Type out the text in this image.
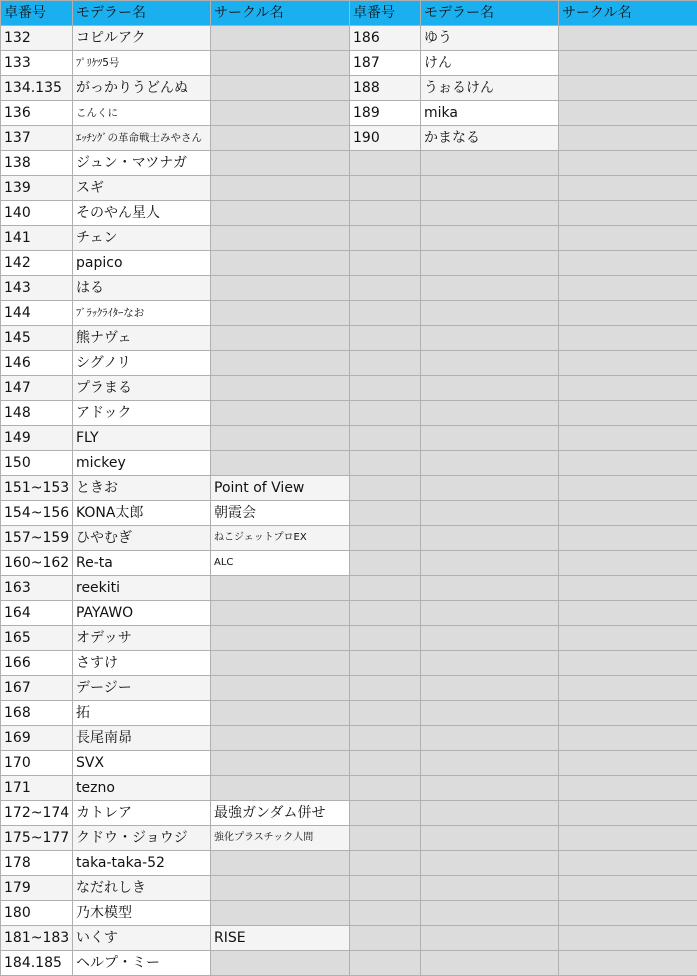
卓番号	モデラー名	サークル名	卓番号	モデラー名	サークル名
132	コピルアク		186	ゆう	
133	ﾌﾟﾘｹﾂ5号		187	けん	
134.135	がっかりうどんぬ		188	うぉるけん	
136	こんくに		189	mika	
137	ｴｯﾁﾝｸﾞの革命戦士みやさん		190	かまなる	
138	ジュン・マツナガ				
139	スギ				
140	そのやん星人				
141	チェン				
142	papico				
143	はる				
144	ﾌﾞﾗｯｸﾗｲﾀｰなお				
145	熊ナヴェ				
146	シグノリ				
147	プラまる				
148	アドック				
149	FLY				
150	mickey				
151~153	ときお	Point of View			
154~156	KONA太郎	朝霞会			
157~159	ひやむぎ	ねこジェットプロEX			
160~162	Re-ta	ALC			
163	reekiti				
164	PAYAWO				
165	オデッサ				
166	さすけ				
167	デージー				
168	拓				
169	長尾南昴				
170	SVX				
171	tezno				
172~174	カトレア	最強ガンダム併せ			
175~177	クドウ・ジョウジ	強化プラスチック人間			
178	taka-taka-52				
179	なだれしき				
180	乃木模型				
181~183	いくす	RISE			
184.185	ヘルプ・ミー				
